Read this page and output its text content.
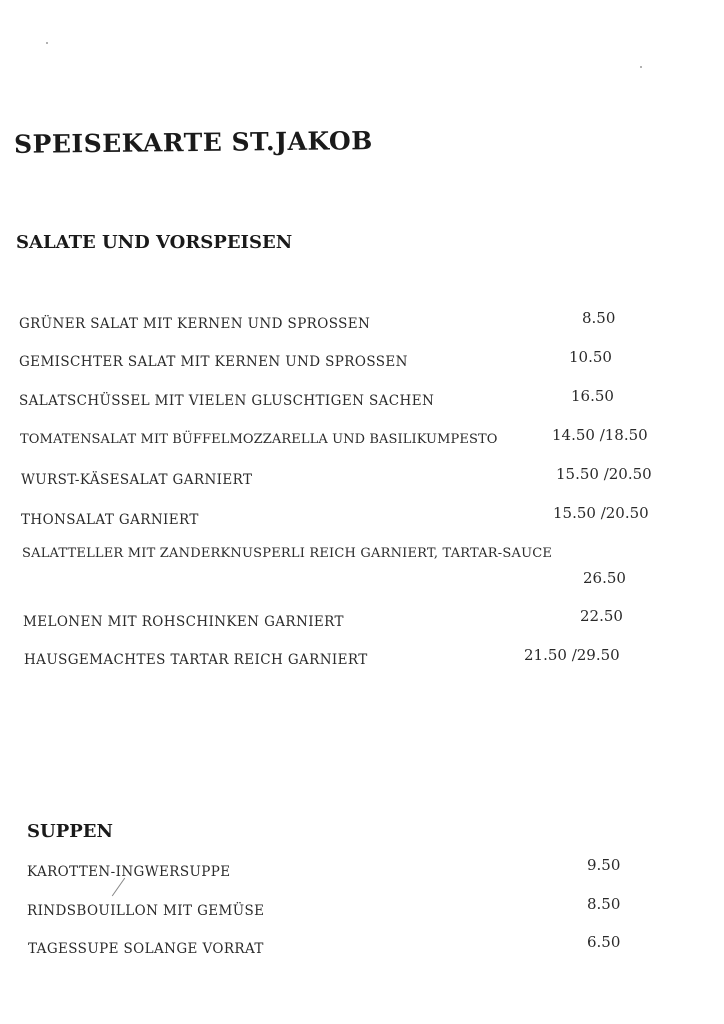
SPEISEKARTE ST.JAKOB
SALATE UND VORSPEISEN
GRÜNER SALAT MIT KERNEN UND SPROSSEN	8.50
GEMISCHTER SALAT MIT KERNEN UND SPROSSEN	10.50
SALATSCHÜSSEL MIT VIELEN GLUSCHTIGEN SACHEN	16.50
TOMATENSALAT MIT BÜFFELMOZZARELLA UND BASILIKUMPESTO	14.50 /18.50
WURST-KÄSESALAT GARNIERT	15.50 /20.50
THONSALAT GARNIERT	15.50 /20.50
SALATTELLER MIT ZANDERKNUSPERLI REICH GARNIERT, TARTAR-SAUCE
26.50
MELONEN MIT ROHSCHINKEN GARNIERT	22.50
HAUSGEMACHTES TARTAR REICH GARNIERT	21.50 /29.50
SUPPEN
KAROTTEN-INGWERSUPPE	9.50
RINDSBOUILLON MIT GEMÜSE	8.50
TAGESSUPE SOLANGE VORRAT	6.50
